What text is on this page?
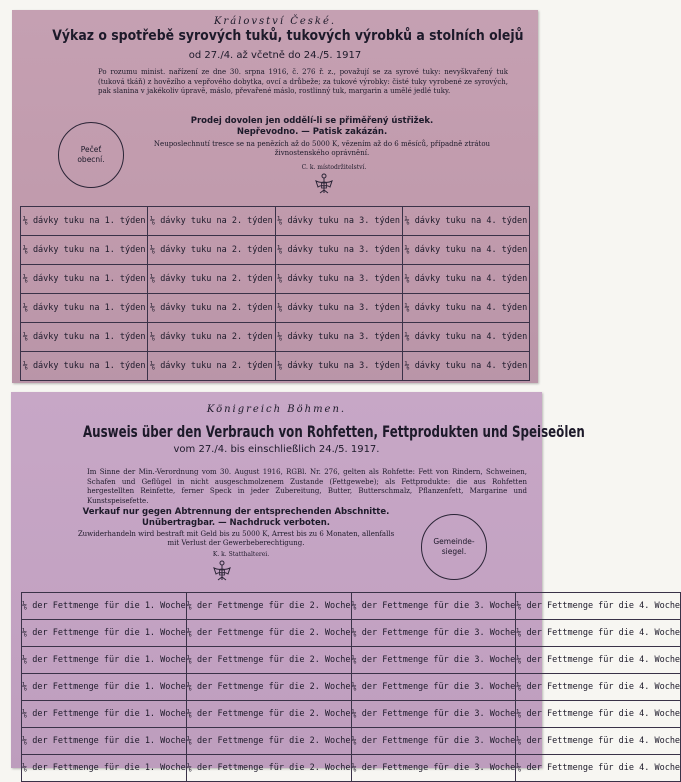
Království České.
Výkaz o spotřebě syrových tuků, tukových výrobků a stolních olejů
od 27./4. až včetně do 24./5. 1917
Po rozumu minist. nařízení ze dne 30. srpna 1916, č. 276 ř. z., považují se za syrové tuky: nevyškvařený tuk (tuková tkáň) z hovězího a vepřového dobytka, ovcí a drůbeže; za tukové výrobky: čisté tuky vyrobené ze syrových, pak slanina v jakékoliv úpravě, máslo, převařené máslo, rostlinný tuk, margarin a umělé jedlé tuky.
Prodej dovolen jen oddělí-li se přiměřený ústřižek.
Nepřevodno. — Patisk zakázán.
Neuposlechnutí tresce se na penězích až do 5000 K, vězením až do 6 měsíců, případně ztrátou živnostenského oprávnění.
C. k. místodržitelství.
Pečeť
obecní.
⅙ dávky tuku na 1. týden	⅙ dávky tuku na 2. týden	⅙ dávky tuku na 3. týden	⅙ dávky tuku na 4. týden
⅙ dávky tuku na 1. týden	⅙ dávky tuku na 2. týden	⅙ dávky tuku na 3. týden	⅙ dávky tuku na 4. týden
⅙ dávky tuku na 1. týden	⅙ dávky tuku na 2. týden	⅙ dávky tuku na 3. týden	⅙ dávky tuku na 4. týden
⅙ dávky tuku na 1. týden	⅙ dávky tuku na 2. týden	⅙ dávky tuku na 3. týden	⅙ dávky tuku na 4. týden
⅙ dávky tuku na 1. týden	⅙ dávky tuku na 2. týden	⅙ dávky tuku na 3. týden	⅙ dávky tuku na 4. týden
⅙ dávky tuku na 1. týden	⅙ dávky tuku na 2. týden	⅙ dávky tuku na 3. týden	⅙ dávky tuku na 4. týden
Königreich Böhmen.
Ausweis über den Verbrauch von Rohfetten, Fettprodukten und Speiseölen
vom 27./4. bis einschließlich 24./5. 1917.
Im Sinne der Min.-Verordnung vom 30. August 1916, RGBl. Nr. 276, gelten als Rohfette: Fett von Rindern, Schweinen, Schafen und Geflügel in nicht ausgeschmolzenem Zustande (Fettgewebe); als Fettprodukte: die aus Rohfetten hergestellten Reinfette, ferner Speck in jeder Zubereitung, Butter, Butterschmalz, Pflanzenfett, Margarine und Kunstspeisefette.
Verkauf nur gegen Abtrennung der entsprechenden Abschnitte.
Unübertragbar. — Nachdruck verboten.
Zuwiderhandeln wird bestraft mit Geld bis zu 5000 K, Arrest bis zu 6 Monaten, allenfalls mit Verlust der Gewerbeberechtigung.
K. k. Statthalterei.
Gemeinde-
siegel.
⅙ der Fettmenge für die 1. Woche	⅙ der Fettmenge für die 2. Woche	⅙ der Fettmenge für die 3. Woche	⅙ der Fettmenge für die 4. Woche
⅙ der Fettmenge für die 1. Woche	⅙ der Fettmenge für die 2. Woche	⅙ der Fettmenge für die 3. Woche	⅙ der Fettmenge für die 4. Woche
⅙ der Fettmenge für die 1. Woche	⅙ der Fettmenge für die 2. Woche	⅙ der Fettmenge für die 3. Woche	⅙ der Fettmenge für die 4. Woche
⅙ der Fettmenge für die 1. Woche	⅙ der Fettmenge für die 2. Woche	⅙ der Fettmenge für die 3. Woche	⅙ der Fettmenge für die 4. Woche
⅙ der Fettmenge für die 1. Woche	⅙ der Fettmenge für die 2. Woche	⅙ der Fettmenge für die 3. Woche	⅙ der Fettmenge für die 4. Woche
⅙ der Fettmenge für die 1. Woche	⅙ der Fettmenge für die 2. Woche	⅙ der Fettmenge für die 3. Woche	⅙ der Fettmenge für die 4. Woche
⅙ der Fettmenge für die 1. Woche	⅙ der Fettmenge für die 2. Woche	⅙ der Fettmenge für die 3. Woche	⅙ der Fettmenge für die 4. Woche
